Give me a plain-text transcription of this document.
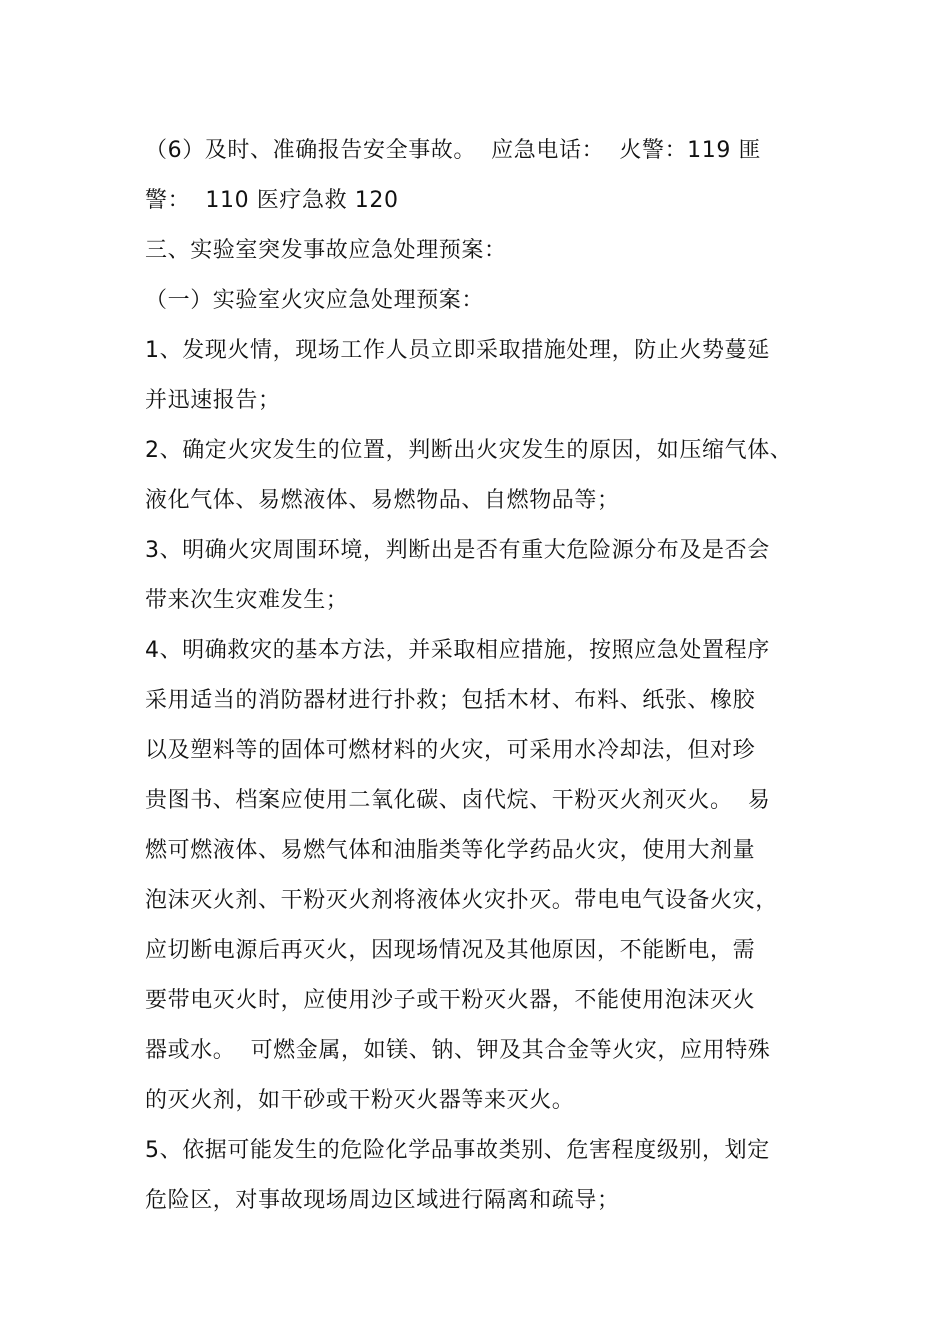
（6）及时、准确报告安全事故。  应急电话：  火警：119 匪
警：  110 医疗急救 120
三、实验室突发事故应急处理预案：
（一）实验室火灾应急处理预案：
1、发现火情，现场工作人员立即采取措施处理，防止火势蔓延
并迅速报告；
2、确定火灾发生的位置，判断出火灾发生的原因，如压缩气体、
液化气体、易燃液体、易燃物品、自燃物品等；
3、明确火灾周围环境，判断出是否有重大危险源分布及是否会
带来次生灾难发生；
4、明确救灾的基本方法，并采取相应措施，按照应急处置程序
采用适当的消防器材进行扑救；包括木材、布料、纸张、橡胶
以及塑料等的固体可燃材料的火灾，可采用水冷却法，但对珍
贵图书、档案应使用二氧化碳、卤代烷、干粉灭火剂灭火。  易
燃可燃液体、易燃气体和油脂类等化学药品火灾，使用大剂量
泡沫灭火剂、干粉灭火剂将液体火灾扑灭。带电电气设备火灾，
应切断电源后再灭火，因现场情况及其他原因，不能断电，需
要带电灭火时，应使用沙子或干粉灭火器，不能使用泡沫灭火
器或水。  可燃金属，如镁、钠、钾及其合金等火灾，应用特殊
的灭火剂，如干砂或干粉灭火器等来灭火。
5、依据可能发生的危险化学品事故类别、危害程度级别，划定
危险区，对事故现场周边区域进行隔离和疏导；
